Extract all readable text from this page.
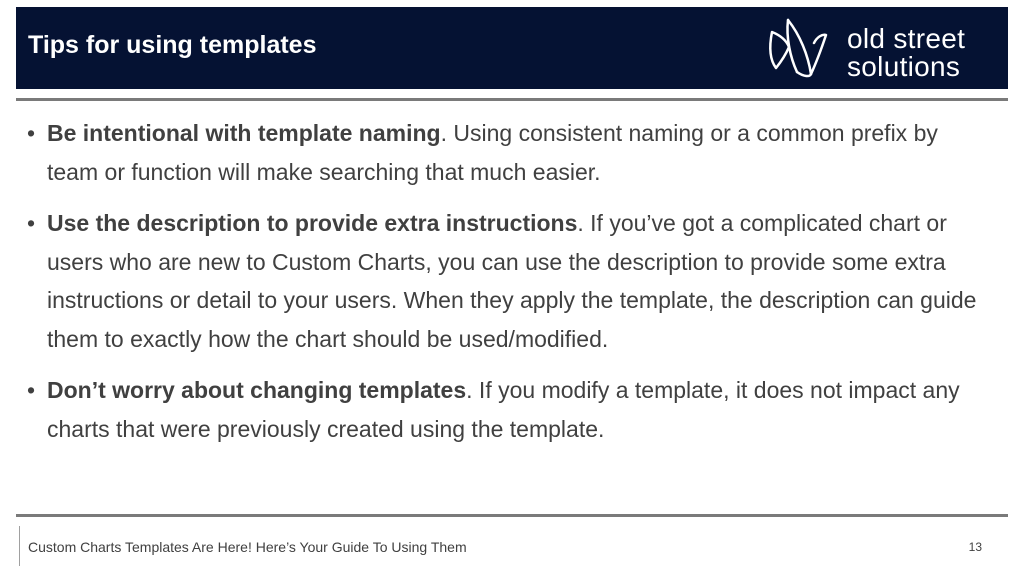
Tips for using templates	old street
solutions
• Be intentional with template naming. Using consistent naming or a common prefix by team or function will make searching that much easier.
• Use the description to provide extra instructions. If you’ve got a complicated chart or users who are new to Custom Charts, you can use the description to provide some extra instructions or detail to your users. When they apply the template, the description can guide them to exactly how the chart should be used/modified.
• Don’t worry about changing templates. If you modify a template, it does not impact any charts that were previously created using the template.
Custom Charts Templates Are Here! Here’s Your Guide To Using Them	13
